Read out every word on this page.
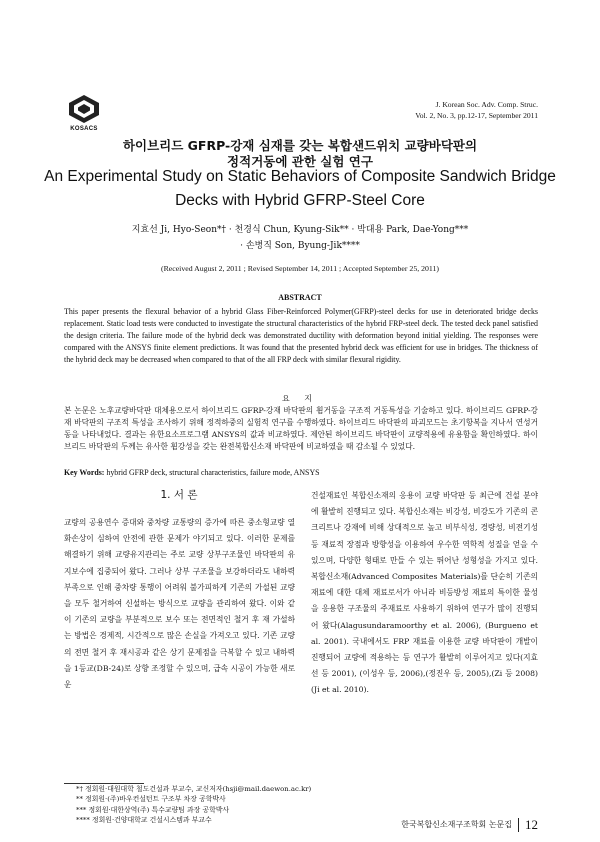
KOSACS
J. Korean Soc. Adv. Comp. Struc.
Vol. 2, No. 3, pp.12-17, September 2011
하이브리드 GFRP-강재 심재를 갖는 복합샌드위치 교량바닥판의
정적거동에 관한 실험 연구
An Experimental Study on Static Behaviors of Composite Sandwich Bridge
Decks with Hybrid GFRP-Steel Core
지효선 Ji, Hyo-Seon*† · 천경식 Chun, Kyung-Sik** · 박대용 Park, Dae-Yong***
· 손병직 Son, Byung-Jik****
(Received August 2, 2011 ; Revised September 14, 2011 ; Accepted September 25, 2011)
ABSTRACT

This paper presents the flexural behavior of a hybrid Glass Fiber-Reinforced Polymer(GFRP)-steel decks for use in deteriorated bridge decks replacement. Static load tests were conducted to investigate the structural characteristics of the hybrid FRP-steel deck. The tested deck panel satisfied the design criteria. The failure mode of the hybrid deck was demonstrated ductility with deformation beyond initial yielding. The responses were compared with the ANSYS finite element predictions. It was found that the presented hybrid deck was efficient for use in bridges. The thickness of the hybrid deck may be decreased when compared to that of the all FRP deck with similar flexural rigidity.

요 지

본 논문은 노후교량바닥판 대체용으로서 하이브리드 GFRP-강재 바닥판의 휨거동을 구조적 거동특성을 기술하고 있다. 하이브리드 GFRP-강재 바닥판의 구조적 특성을 조사하기 위해 정적하중의 실험적 연구를 수행하였다. 하이브리드 바닥판의 파괴모드는 초기항복을 지나서 연성거동을 나타내었다. 결과는 유한요소프로그램 ANSYS의 값과 비교하였다. 제안된 하이브리드 바닥판이 교량적용에 유용함을 확인하였다. 하이브리드 바닥판의 두께는 유사한 휨강성을 갖는 완전복합신소재 바닥판에 비교하였을 때 감소될 수 있었다.

Key Words: hybrid GFRP deck, structural characteristics, failure mode, ANSYS

1. 서 론

교량의 공용연수 증대와 중차량 교통량의 증가에 따른 중소형교량 열화손상이 심하여 안전에 관한 문제가 야기되고 있다. 이러한 문제를 해결하기 위해 교량유지관리는 주로 교량 상부구조물인 바닥판의 유지보수에 집중되어 왔다. 그러나 상부 구조물을 보강하더라도 내하력 부족으로 인해 중차량 통행이 어려워 불가피하게 기존의 가설된 교량을 모두 철거하여 신설하는 방식으로 교량을 관리하여 왔다. 이와 같이 기존의 교량을 부분적으로 보수 또는 전면적인 철거 후 재 가설하는 방법은 경제적, 시간적으로 많은 손실을 가져오고 있다. 기존 교량의 전면 철거 후 재시공과 같은 상기 문제점을 극복할 수 있고 내하력을 1등교(DB-24)로 상향 조정할 수 있으며, 급속 시공이 가능한 새로운

건설재료인 복합신소재의 응용이 교량 바닥판 등 최근에 건설 분야에 활발히 진행되고 있다. 복합신소재는 비강성, 비강도가 기존의 콘크리트나 강재에 비해 상대적으로 높고 비부식성, 경량성, 비전기성 등 재료적 장점과 방향성을 이용하여 우수한 역학적 성질을 얻을 수 있으며, 다양한 형태로 만들 수 있는 뛰어난 성형성을 가지고 있다. 복합신소재(Advanced Composites Materials)를 단순히 기존의 재료에 대한 대체 재료로서가 아니라 비등방성 재료의 특이한 물성을 응용한 구조물의 주재료로 사용하기 위하여 연구가 많이 진행되어 왔다(Alagusundaramoorthy et al. 2006), (Burgueno et al. 2001). 국내에서도 FRP 재료를 이용한 교량 바닥판이 개발이 진행되어 교량에 적용하는 등 연구가 활발히 이루어지고 있다(지효선 등 2001), (이성우 등, 2006),(정진우 등, 2005),(Zi 등 2008) (Ji et al. 2010).

*† 정회원·대원대학 철도건설과 부교수, 교신저자(hsji@mail.daewon.ac.kr)
** 정회원·(주)바우컨설턴트 구조부 차장 공학박사
*** 정회원·대한상역(주) 특수교량팀 과장 공학박사
**** 정회원·건양대학교 건설시스템과 부교수	한국복합신소재구조학회 논문집 12
